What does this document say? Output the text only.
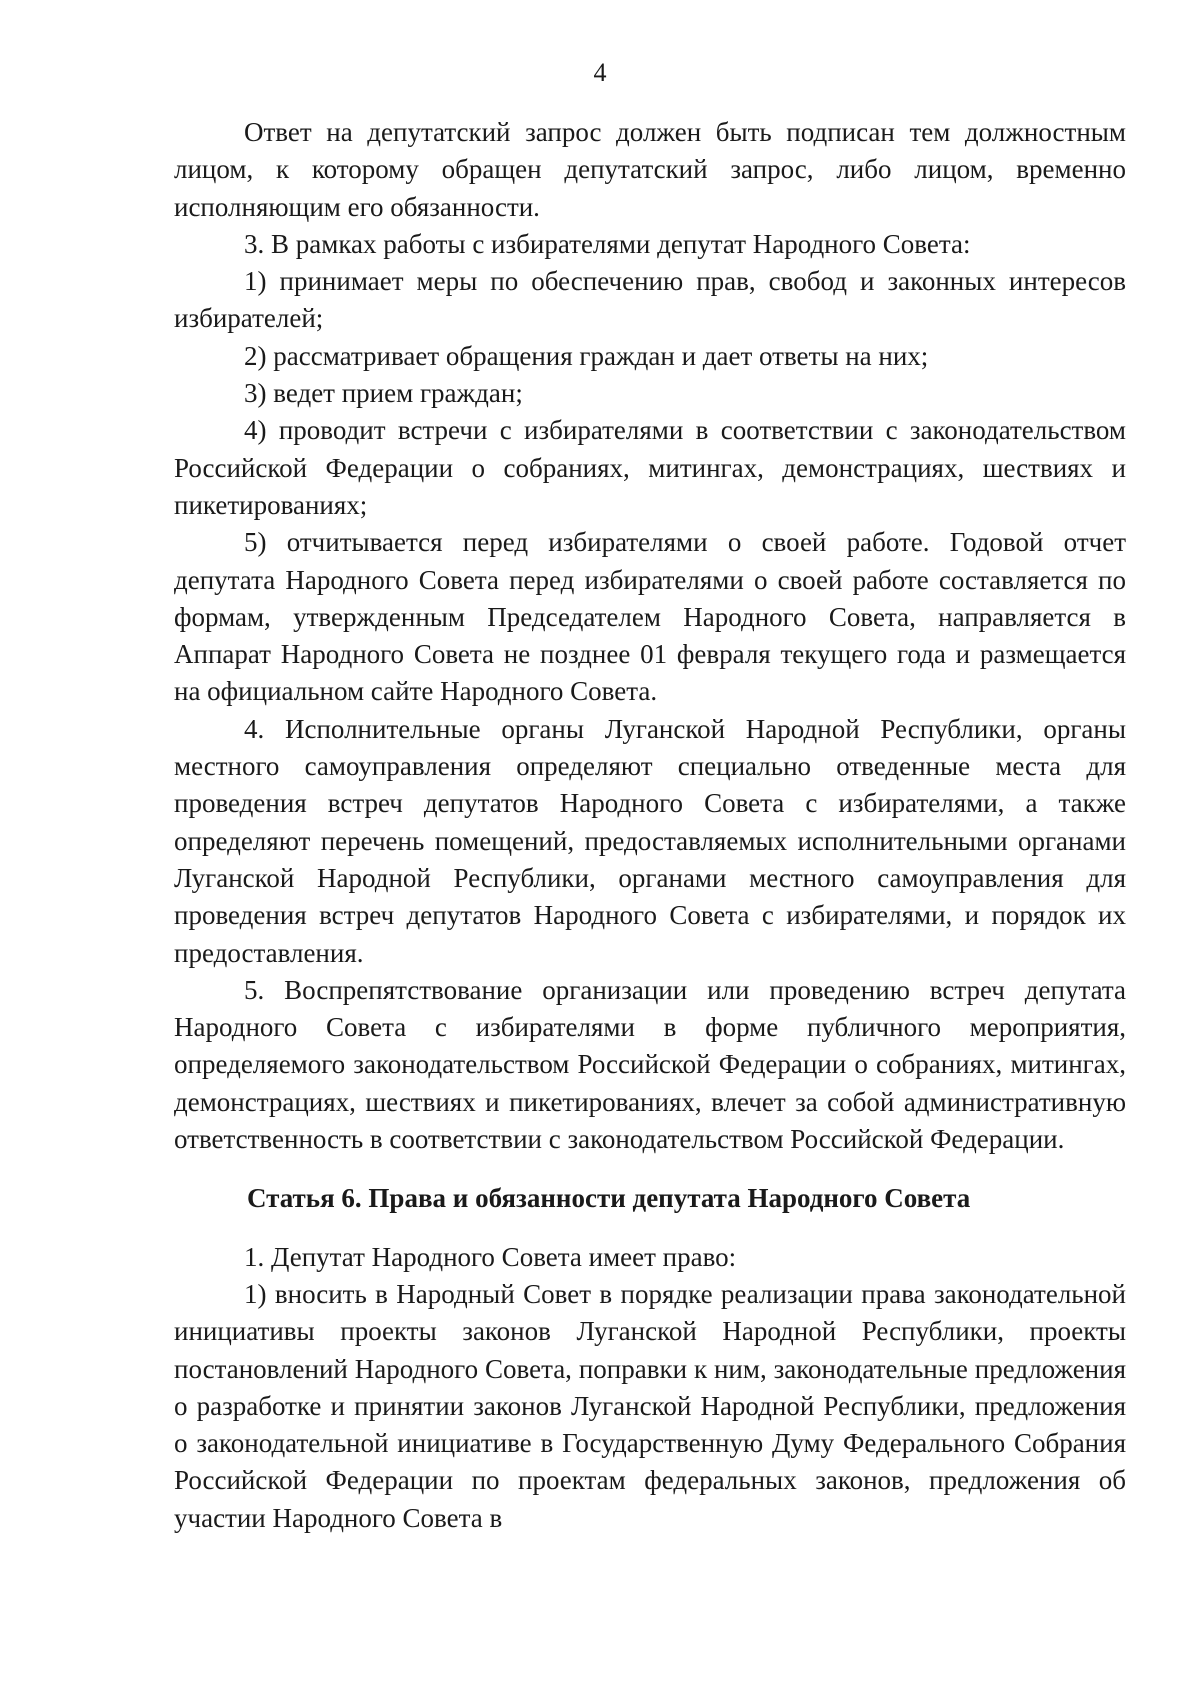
4

Ответ на депутатский запрос должен быть подписан тем должностным лицом, к которому обращен депутатский запрос, либо лицом, временно исполняющим его обязанности.

3. В рамках работы с избирателями депутат Народного Совета:

1) принимает меры по обеспечению прав, свобод и законных интересов избирателей;

2) рассматривает обращения граждан и дает ответы на них;

3) ведет прием граждан;

4) проводит встречи с избирателями в соответствии с законодательством Российской Федерации о собраниях, митингах, демонстрациях, шествиях и пикетированиях;

5) отчитывается перед избирателями о своей работе. Годовой отчет депутата Народного Совета перед избирателями о своей работе составляется по формам, утвержденным Председателем Народного Совета, направляется в Аппарат Народного Совета не позднее 01 февраля текущего года и размещается на официальном сайте Народного Совета.

4. Исполнительные органы Луганской Народной Республики, органы местного самоуправления определяют специально отведенные места для проведения встреч депутатов Народного Совета с избирателями, а также определяют перечень помещений, предоставляемых исполнительными органами Луганской Народной Республики, органами местного самоуправления для проведения встреч депутатов Народного Совета с избирателями, и порядок их предоставления.

5. Воспрепятствование организации или проведению встреч депутата Народного Совета с избирателями в форме публичного мероприятия, определяемого законодательством Российской Федерации о собраниях, митингах, демонстрациях, шествиях и пикетированиях, влечет за собой административную ответственность в соответствии с законодательством Российской Федерации.

Статья 6. Права и обязанности депутата Народного Совета

1. Депутат Народного Совета имеет право:

1) вносить в Народный Совет в порядке реализации права законодательной инициативы проекты законов Луганской Народной Республики, проекты постановлений Народного Совета, поправки к ним, законодательные предложения о разработке и принятии законов Луганской Народной Республики, предложения о законодательной инициативе в Государственную Думу Федерального Собрания Российской Федерации по проектам федеральных законов, предложения об участии Народного Совета в
